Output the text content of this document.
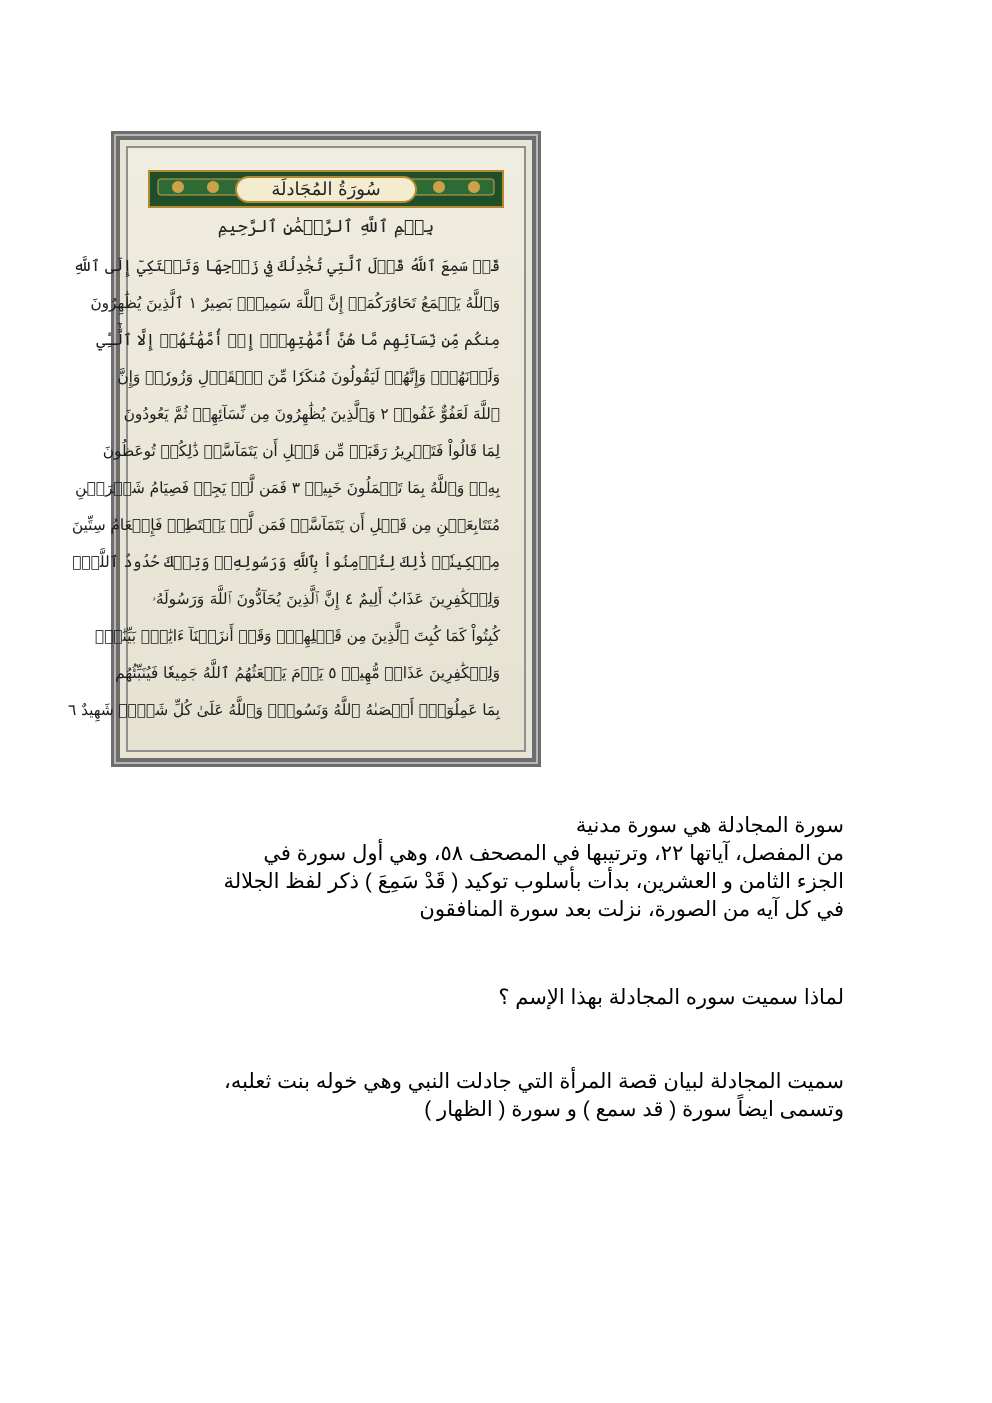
سُورَةُ المُجَادلَة
بِسۡمِ ٱللَّهِ ٱلرَّحۡمَٰنِ ٱلرَّحِيمِ
قَدۡ سَمِعَ ٱللَّهُ قَوۡلَ ٱلَّتِي تُجَٰدِلُكَ فِي زَوۡجِهَا وَتَشۡتَكِيٓ إِلَى ٱللَّهِ
وَٱللَّهُ يَسۡمَعُ تَحَاوُرَكُمَآۚ إِنَّ ٱللَّهَ سَمِيعُۢ بَصِيرٌ ١ ٱلَّذِينَ يُظَٰهِرُونَ
مِنكُم مِّن نِّسَآئِهِم مَّا هُنَّ أُمَّهَٰتِهِمۡۖ إِنۡ أُمَّهَٰتُهُمۡ إِلَّا ٱلَّٰٓـِٔي
وَلَدۡنَهُمۡۚ وَإِنَّهُمۡ لَيَقُولُونَ مُنكَرٗا مِّنَ ٱلۡقَوۡلِ وَزُورٗاۚ وَإِنَّ
ٱللَّهَ لَعَفُوٌّ غَفُورٞ ٢ وَٱلَّذِينَ يُظَٰهِرُونَ مِن نِّسَآئِهِمۡ ثُمَّ يَعُودُونَ
لِمَا قَالُواْ فَتَحۡرِيرُ رَقَبَةٖ مِّن قَبۡلِ أَن يَتَمَآسَّاۚ ذَٰلِكُمۡ تُوعَظُونَ
بِهِۦۚ وَٱللَّهُ بِمَا تَعۡمَلُونَ خَبِيرٞ ٣ فَمَن لَّمۡ يَجِدۡ فَصِيَامُ شَهۡرَيۡنِ
مُتَتَابِعَيۡنِ مِن قَبۡلِ أَن يَتَمَآسَّاۖ فَمَن لَّمۡ يَسۡتَطِعۡ فَإِطۡعَامُ سِتِّينَ
مِسۡكِينٗاۚ ذَٰلِكَ لِتُؤۡمِنُواْ بِٱللَّهِ وَرَسُولِهِۦۚ وَتِلۡكَ حُدُودُ ٱللَّهِۗ
وَلِلۡكَٰفِرِينَ عَذَابٌ أَلِيمٌ ٤ إِنَّ ٱلَّذِينَ يُحَآدُّونَ ٱللَّهَ وَرَسُولَهُۥ
كُبِتُواْ كَمَا كُبِتَ ٱلَّذِينَ مِن قَبۡلِهِمۡۚ وَقَدۡ أَنزَلۡنَآ ءَايَٰتِۭ بَيِّنَٰتٖۚ
وَلِلۡكَٰفِرِينَ عَذَابٞ مُّهِينٞ ٥ يَوۡمَ يَبۡعَثُهُمُ ٱللَّهُ جَمِيعٗا فَيُنَبِّئُهُم
بِمَا عَمِلُوٓاْۚ أَحۡصَىٰهُ ٱللَّهُ وَنَسُوهُۚ وَٱللَّهُ عَلَىٰ كُلِّ شَيۡءٖ شَهِيدٌ ٦

سورة المجادلة هي سورة مدنية

من المفصل، آياتها ٢٢، وترتيبها في المصحف ٥٨، وهي أول سورة في

الجزء الثامن و العشرين، بدأت بأسلوب توكيد ( قَدْ سَمِعَ ) ذكر لفظ الجلالة

في كل آيه من الصورة، نزلت بعد سورة المنافقون

لماذا سميت سوره المجادلة بهذا الإسم ؟

سميت المجادلة لبيان قصة المرأة التي جادلت النبي وهي خوله بنت ثعلبه،

وتسمى ايضاً سورة ( قد سمع ) و سورة ( الظهار )
